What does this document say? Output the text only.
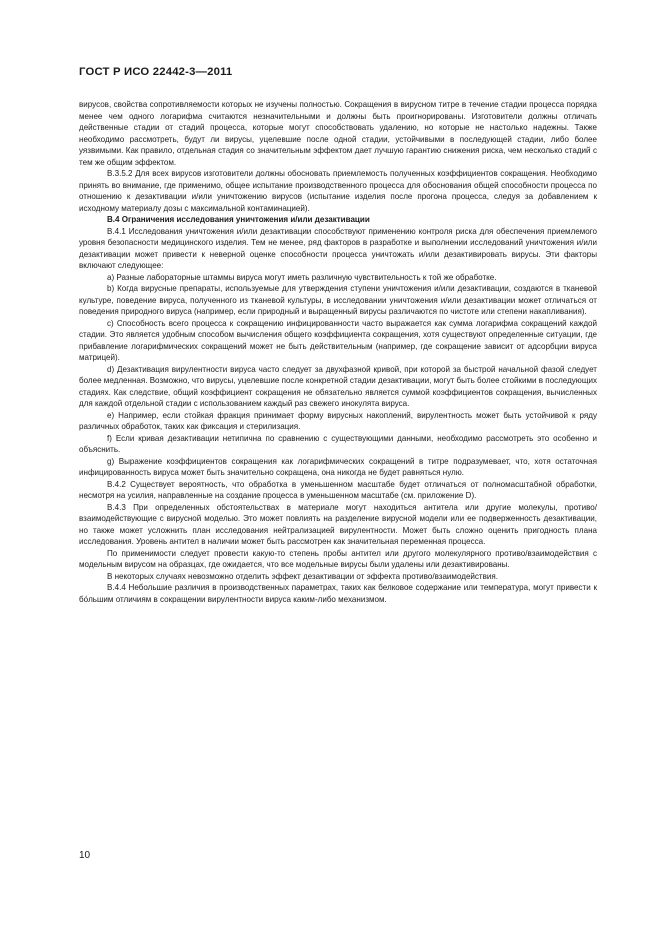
ГОСТ Р ИСО 22442-3—2011

вирусов, свойства сопротивляемости которых не изучены полностью. Сокращения в вирусном титре в течение стадии процесса порядка менее чем одного логарифма считаются незначительными и должны быть проигнорированы. Изготовители должны отличать действенные стадии от стадий процесса, которые могут способствовать удалению, но которые не настолько надежны. Также необходимо рассмотреть, будут ли вирусы, уцелевшие после одной стадии, устойчивыми в последующей стадии, либо более уязвимыми. Как правило, отдельная стадия со значительным эффектом дает лучшую гарантию снижения риска, чем несколько стадий с тем же общим эффектом.

В.3.5.2 Для всех вирусов изготовители должны обосновать приемлемость полученных коэффициентов сокращения. Необходимо принять во внимание, где применимо, общее испытание производственного процесса для обоснования общей способности процесса по отношению к дезактивации и/или уничтожению вирусов (испытание изделия после прогона процесса, следуя за добавлением к исходному материалу дозы с максимальной контаминацией).

В.4 Ограничения исследования уничтожения и/или дезактивации

В.4.1 Исследования уничтожения и/или дезактивации способствуют применению контроля риска для обеспечения приемлемого уровня безопасности медицинского изделия. Тем не менее, ряд факторов в разработке и выполнении исследований уничтожения и/или дезактивации может привести к неверной оценке способности процесса уничтожать и/или дезактивировать вирусы. Эти факторы включают следующее:

а) Разные лабораторные штаммы вируса могут иметь различную чувствительность к той же обработке.

b) Когда вирусные препараты, используемые для утверждения ступени уничтожения и/или дезактивации, создаются в тканевой культуре, поведение вируса, полученного из тканевой культуры, в исследовании уничтожения и/или дезактивации может отличаться от поведения природного вируса (например, если природный и выращенный вирусы различаются по чистоте или степени накапливания).

с) Способность всего процесса к сокращению инфицированности часто выражается как сумма логарифма сокращений каждой стадии. Это является удобным способом вычисления общего коэффициента сокращения, хотя существуют определенные ситуации, где прибавление логарифмических сокращений может не быть действительным (например, где сокращение зависит от адсорбции вируса матрицей).

d) Дезактивация вирулентности вируса часто следует за двухфазной кривой, при которой за быстрой начальной фазой следует более медленная. Возможно, что вирусы, уцелевшие после конкретной стадии дезактивации, могут быть более стойкими в последующих стадиях. Как следствие, общий коэффициент сокращения не обязательно является суммой коэффициентов сокращения, вычисленных для каждой отдельной стадии с использованием каждый раз свежего инокулята вируса.

е) Например, если стойкая фракция принимает форму вирусных накоплений, вирулентность может быть устойчивой к ряду различных обработок, таких как фиксация и стерилизация.

f) Если кривая дезактивации нетипична по сравнению с существующими данными, необходимо рассмотреть это особенно и объяснить.

g) Выражение коэффициентов сокращения как логарифмических сокращений в титре подразумевает, что, хотя остаточная инфицированность вируса может быть значительно сокращена, она никогда не будет равняться нулю.

В.4.2 Существует вероятность, что обработка в уменьшенном масштабе будет отличаться от полномасштабной обработки, несмотря на усилия, направленные на создание процесса в уменьшенном масштабе (см. приложение D).

В.4.3 При определенных обстоятельствах в материале могут находиться антитела или другие молекулы, противо/взаимодействующие с вирусной моделью. Это может повлиять на разделение вирусной модели или ее подверженность дезактивации, но также может усложнить план исследования нейтрализацией вирулентности. Может быть сложно оценить пригодность плана исследования. Уровень антител в наличии может быть рассмотрен как значительная переменная процесса.

По применимости следует провести какую-то степень пробы антител или другого молекулярного противо/взаимодействия с модельным вирусом на образцах, где ожидается, что все модельные вирусы были удалены или дезактивированы.

В некоторых случаях невозможно отделить эффект дезактивации от эффекта противо/взаимодействия.

В.4.4 Небольшие различия в производственных параметрах, таких как белковое содержание или температура, могут привести к бо́льшим отличиям в сокращении вирулентности вируса каким-либо механизмом.

10
